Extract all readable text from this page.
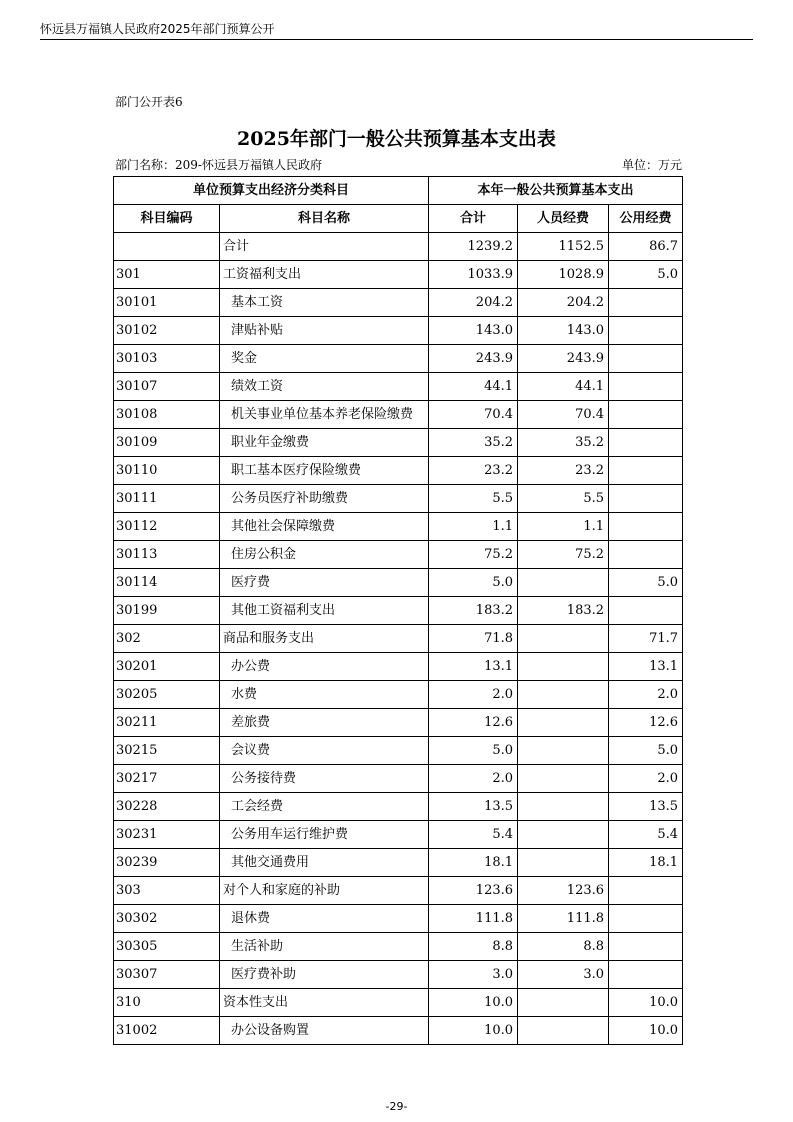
怀远县万福镇人民政府2025年部门预算公开
部门公开表6
2025年部门一般公共预算基本支出表
部门名称：209-怀远县万福镇人民政府	单位：万元
单位预算支出经济分类科目		本年一般公共预算基本支出		
科目编码	科目名称	合计	人员经费	公用经费
	合计	1239.2	1152.5	86.7
301	工资福利支出	1033.9	1028.9	5.0
30101	基本工资	204.2	204.2	
30102	津贴补贴	143.0	143.0	
30103	奖金	243.9	243.9	
30107	绩效工资	44.1	44.1	
30108	机关事业单位基本养老保险缴费	70.4	70.4	
30109	职业年金缴费	35.2	35.2	
30110	职工基本医疗保险缴费	23.2	23.2	
30111	公务员医疗补助缴费	5.5	5.5	
30112	其他社会保障缴费	1.1	1.1	
30113	住房公积金	75.2	75.2	
30114	医疗费	5.0		5.0
30199	其他工资福利支出	183.2	183.2	
302	商品和服务支出	71.8		71.7
30201	办公费	13.1		13.1
30205	水费	2.0		2.0
30211	差旅费	12.6		12.6
30215	会议费	5.0		5.0
30217	公务接待费	2.0		2.0
30228	工会经费	13.5		13.5
30231	公务用车运行维护费	5.4		5.4
30239	其他交通费用	18.1		18.1
303	对个人和家庭的补助	123.6	123.6	
30302	退休费	111.8	111.8	
30305	生活补助	8.8	8.8	
30307	医疗费补助	3.0	3.0	
310	资本性支出	10.0		10.0
31002	办公设备购置	10.0		10.0
-29-
